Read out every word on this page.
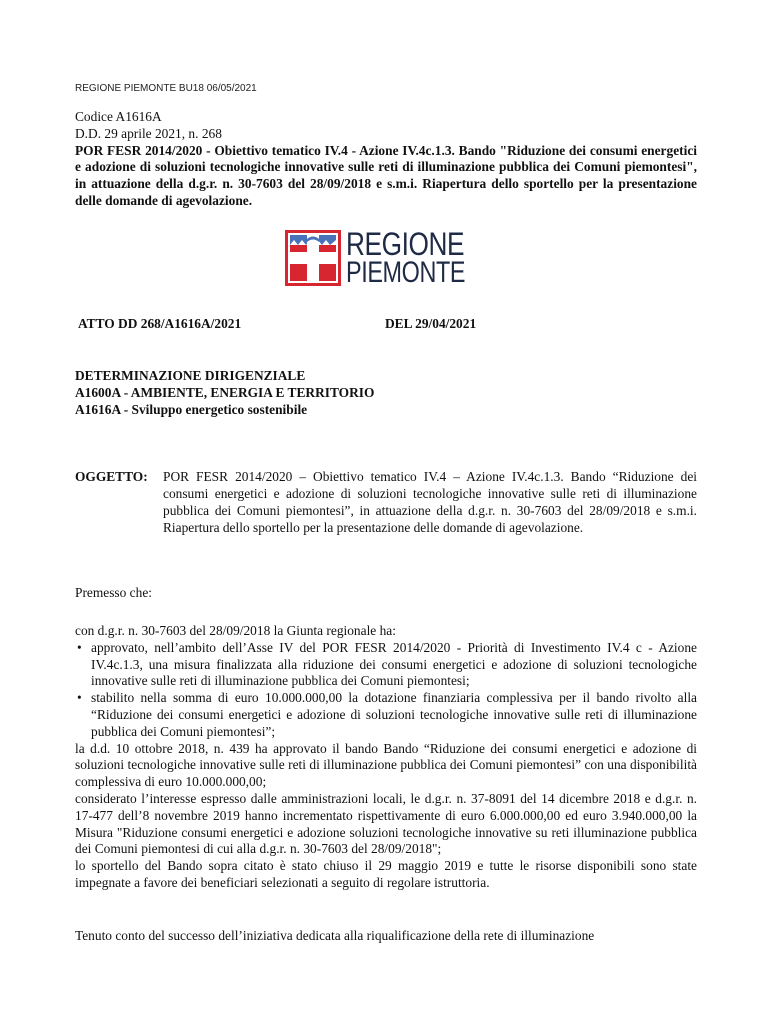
REGIONE PIEMONTE BU18 06/05/2021
Codice A1616A
D.D. 29 aprile 2021, n. 268
POR FESR 2014/2020 - Obiettivo tematico IV.4 - Azione IV.4c.1.3. Bando "Riduzione dei consumi energetici e adozione di soluzioni tecnologiche innovative sulle reti di illuminazione pubblica dei Comuni piemontesi", in attuazione della d.g.r. n. 30-7603 del 28/09/2018 e s.m.i. Riapertura dello sportello per la presentazione delle domande di agevolazione.
REGIONE
PIEMONTE
ATTO DD 268/A1616A/2021	DEL 29/04/2021
DETERMINAZIONE DIRIGENZIALE
A1600A - AMBIENTE, ENERGIA E TERRITORIO
A1616A - Sviluppo energetico sostenibile
OGGETTO: POR FESR 2014/2020 – Obiettivo tematico IV.4 – Azione IV.4c.1.3. Bando “Riduzione dei consumi energetici e adozione di soluzioni tecnologiche innovative sulle reti di illuminazione pubblica dei Comuni piemontesi”, in attuazione della d.g.r. n. 30-7603 del 28/09/2018 e s.m.i. Riapertura dello sportello per la presentazione delle domande di agevolazione.
Premesso che:

con d.g.r. n. 30-7603 del 28/09/2018 la Giunta regionale ha:

• approvato, nell’ambito dell’Asse IV del POR FESR 2014/2020 - Priorità di Investimento IV.4 c - Azione IV.4c.1.3, una misura finalizzata alla riduzione dei consumi energetici e adozione di soluzioni tecnologiche innovative sulle reti di illuminazione pubblica dei Comuni piemontesi;
• stabilito nella somma di euro 10.000.000,00 la dotazione finanziaria complessiva per il bando rivolto alla “Riduzione dei consumi energetici e adozione di soluzioni tecnologiche innovative sulle reti di illuminazione pubblica dei Comuni piemontesi”;

la d.d. 10 ottobre 2018, n. 439 ha approvato il bando Bando “Riduzione dei consumi energetici e adozione di soluzioni tecnologiche innovative sulle reti di illuminazione pubblica dei Comuni piemontesi” con una disponibilità complessiva di euro 10.000.000,00;

considerato l’interesse espresso dalle amministrazioni locali, le d.g.r. n. 37-8091 del 14 dicembre 2018 e d.g.r. n. 17-477 dell’8 novembre 2019 hanno incrementato rispettivamente di euro 6.000.000,00 ed euro 3.940.000,00 la Misura "Riduzione consumi energetici e adozione soluzioni tecnologiche innovative su reti illuminazione pubblica dei Comuni piemontesi di cui alla d.g.r. n. 30-7603 del 28/09/2018";

lo sportello del Bando sopra citato è stato chiuso il 29 maggio 2019 e tutte le risorse disponibili sono state impegnate a favore dei beneficiari selezionati a seguito di regolare istruttoria.

Tenuto conto del successo dell’iniziativa dedicata alla riqualificazione della rete di illuminazione
